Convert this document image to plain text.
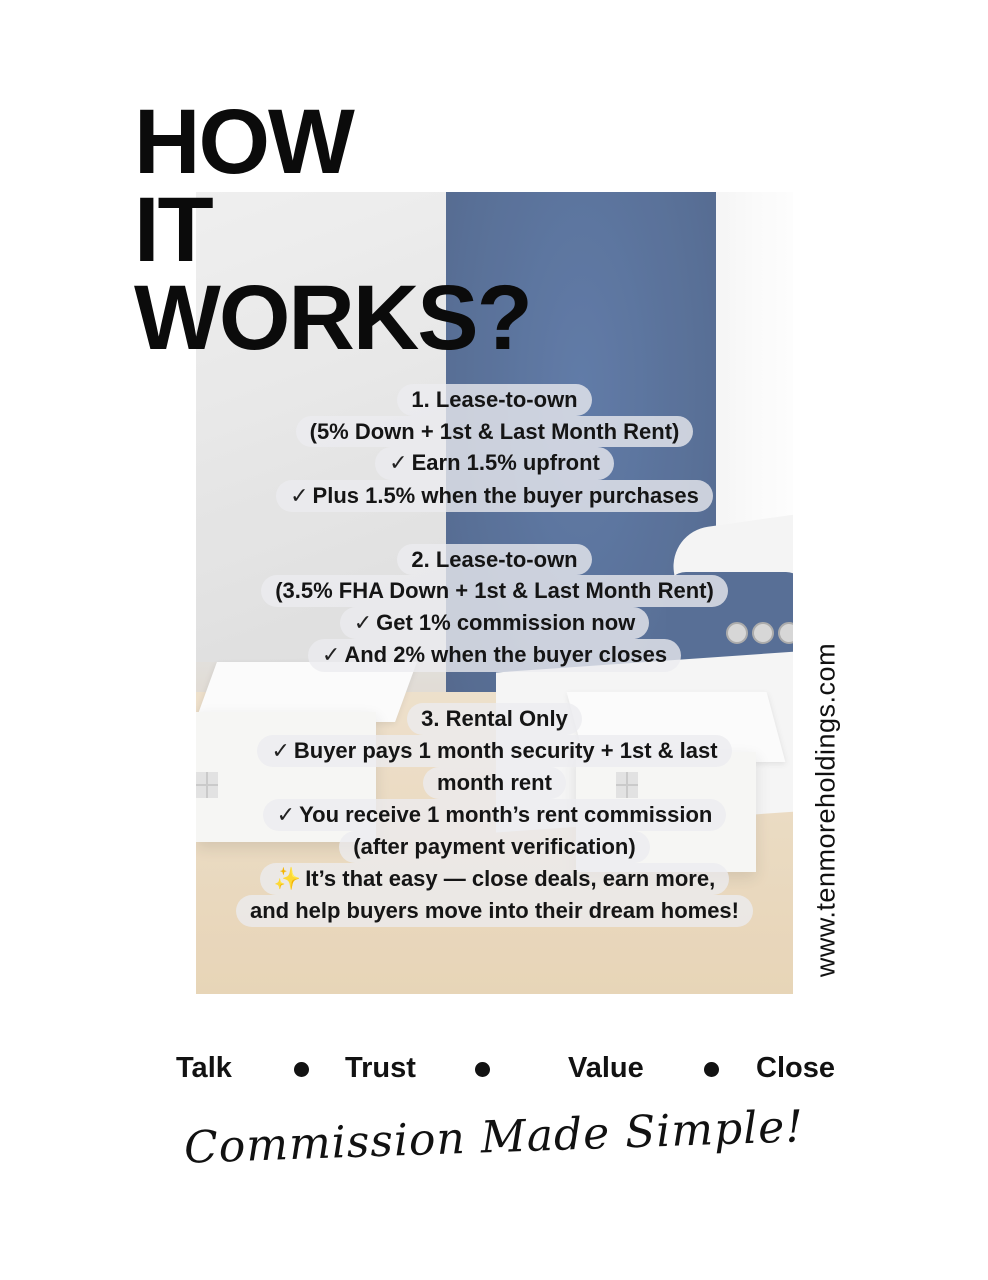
HOW
IT
WORKS?
1. Lease-to-own
(5% Down + 1st & Last Month Rent)
✓ Earn 1.5% upfront
✓ Plus 1.5% when the buyer purchases
2. Lease-to-own
(3.5% FHA Down + 1st & Last Month Rent)
✓ Get 1% commission now
✓ And 2% when the buyer closes
3. Rental Only
✓ Buyer pays 1 month security + 1st & last
month rent
✓ You receive 1 month’s rent commission
(after payment verification)
✨ It’s that easy — close deals, earn more,
and help buyers move into their dream homes!	www.tenmoreholdings.com
Talk	Trust	Value	Close
Commission Made Simple!
